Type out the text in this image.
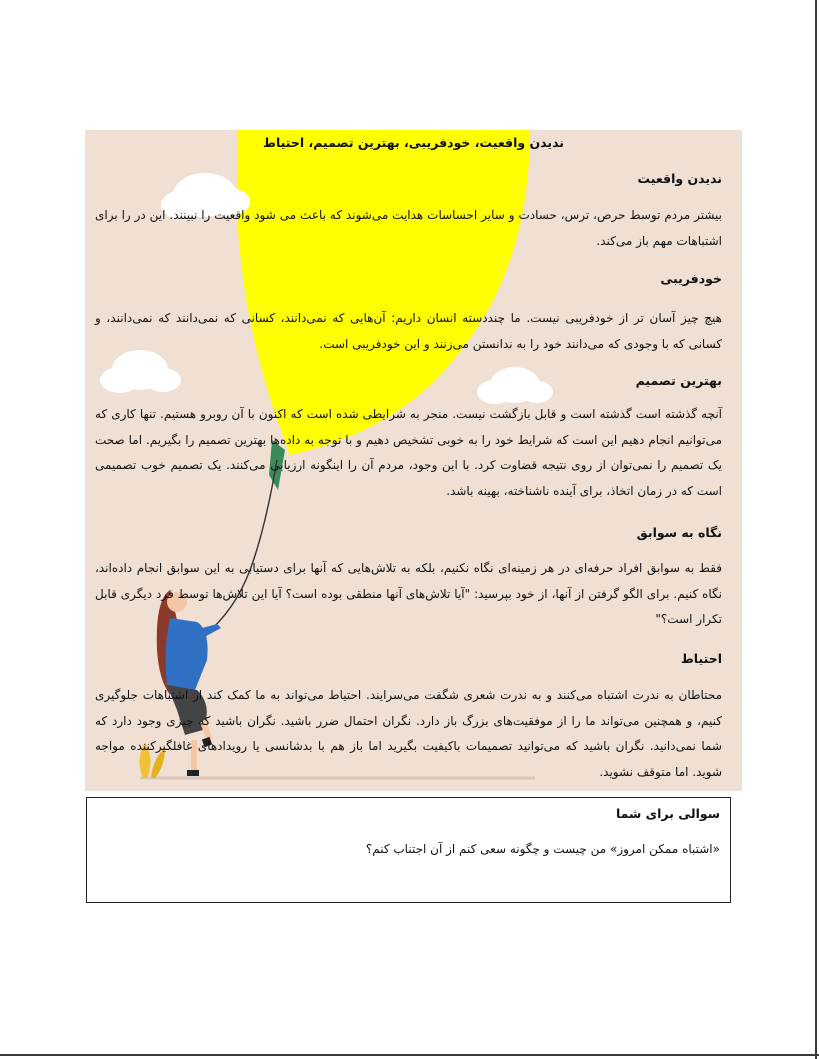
ندیدن واقعیت، خودفریبی، بهترین تصمیم، احتیاط
ندیدن واقعیت

بیشتر مردم توسط حرص، ترس، حسادت و سایر احساسات هدایت می‌شوند که باعث می شود واقعیت را نبینند. این در را برای اشتباهات مهم باز می‌کند.

خودفریبی

هیچ چیز آسان تر از خودفریبی نیست. ما چنددسته انسان داریم: آن‌هایی که نمی‌دانند، کسانی که نمی‌دانند که نمی‌دانند، و کسانی که با وجودی که می‌دانند خود را به ندانستن می‌زنند و این خودفریبی است.

بهترین تصمیم

آنچه گذشته است گذشته است و قابل بازگشت نیست. منجر به شرایطی شده است که اکنون با آن روبرو هستیم. تنها کاری که می‌توانیم انجام دهیم این است که شرایط خود را به خوبی تشخیص دهیم و با توجه به داده‌ها بهترین تصمیم را بگیریم. اما صحت یک تصمیم را نمی‌توان از روی نتیجه قضاوت کرد. با این وجود، مردم آن را اینگونه ارزیابی می‌کنند. یک تصمیم خوب تصمیمی است که در زمان اتخاذ، برای آینده ناشناخته، بهینه باشد.

نگاه به سوابق

فقط به سوابق افراد حرفه‌ای در هر زمینه‌ای نگاه نکنیم، بلکه به تلاش‌هایی که آنها برای دستیابی به این سوابق انجام داده‌اند، نگاه کنیم. برای الگو گرفتن از آنها، از خود بپرسید: "آیا تلاش‌های آنها منطقی بوده است؟ آیا این تلاش‌ها توسط فرد دیگری قابل تکرار است؟"

احتیاط

محتاطان به ندرت اشتباه می‌کنند و به ندرت شعری شگفت می‌سرایند. احتیاط می‌تواند به ما کمک کند از اشتباهات جلوگیری کنیم، و همچنین می‌تواند ما را از موفقیت‌های بزرگ باز دارد. نگران احتمال ضرر باشید. نگران باشید که چیزی وجود دارد که شما نمی‌دانید. نگران باشید که می‌توانید تصمیمات باکیفیت بگیرید اما باز هم با بدشانسی یا رویدادهای غافلگیرکننده مواجه شوید. اما متوقف نشوید.

سوالی برای شما
«اشتباه ممکن امروز» من چیست و چگونه سعی کنم از آن اجتناب کنم؟
